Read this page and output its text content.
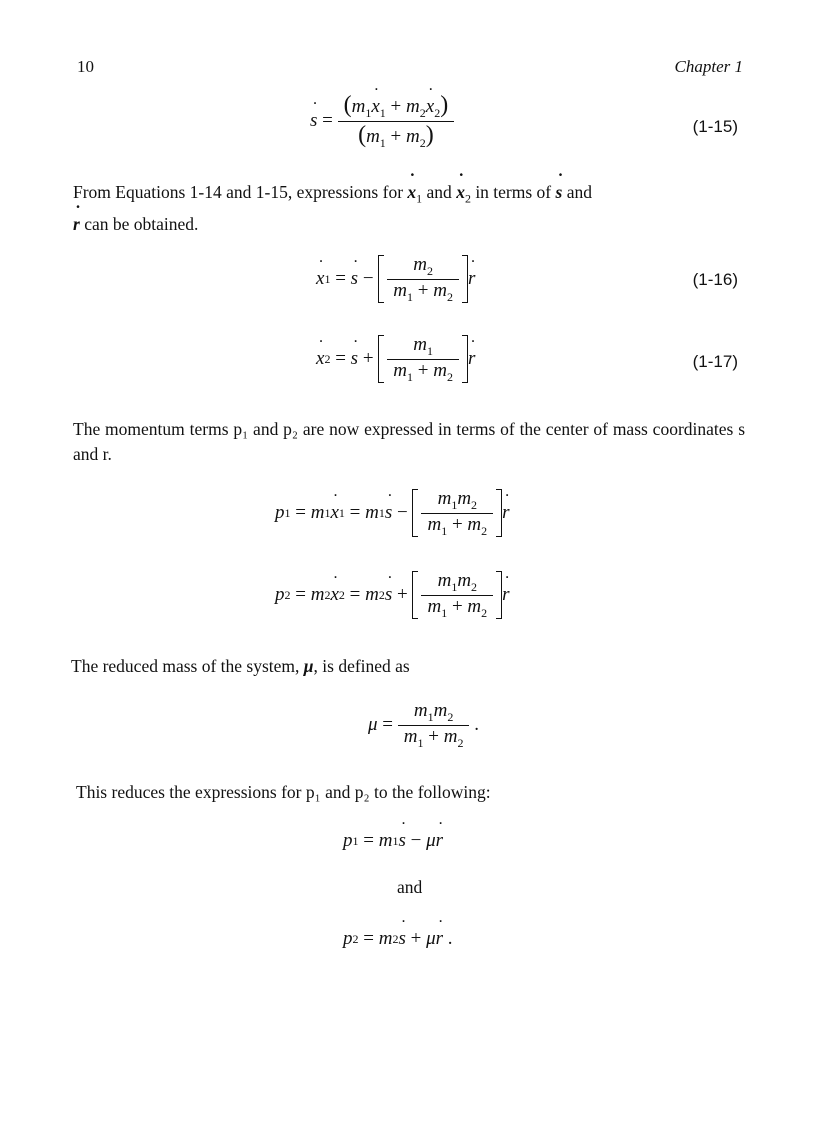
10	Chapter 1
˙ $s = \frac{(m_1˙ x_1 + m_2˙ x_2)}{(m_1 + m_2)}$	(1-15)
From Equations 1-14 and 1-15, expressions for ˙ $x_1$ and ˙ $x_2$ in terms of ˙ s and
˙ r can be obtained.
˙ x 1 = ˙ $s - \frac{m_2}{m_1 + m_2}$ ˙ r	(1-16)
˙ x 2 = ˙ $s + \frac{m_1}{m_1 + m_2}$ ˙ r	(1-17)
The momentum terms p₁ and p₂ are now expressed in terms of the center of mass coordinates s and r.
p 1 = m 1 ˙ x 1 = m 1 ˙ $s - \frac{m_1m_2}{m_1 + m_2}$ ˙ r
p 2 = m 2 ˙ x 2 = m 2 ˙ $s + \frac{m_1m_2}{m_1 + m_2}$ ˙ r
The reduced mass of the system, μ, is defined as
$\mu = \frac{m_1m_2}{m_1 + m_2}$ .
This reduces the expressions for p₁ and p₂ to the following:
p 1 = m 1 ˙ s − μ ˙ r
and
p 2 = m 2 ˙ s + μ ˙ r .
